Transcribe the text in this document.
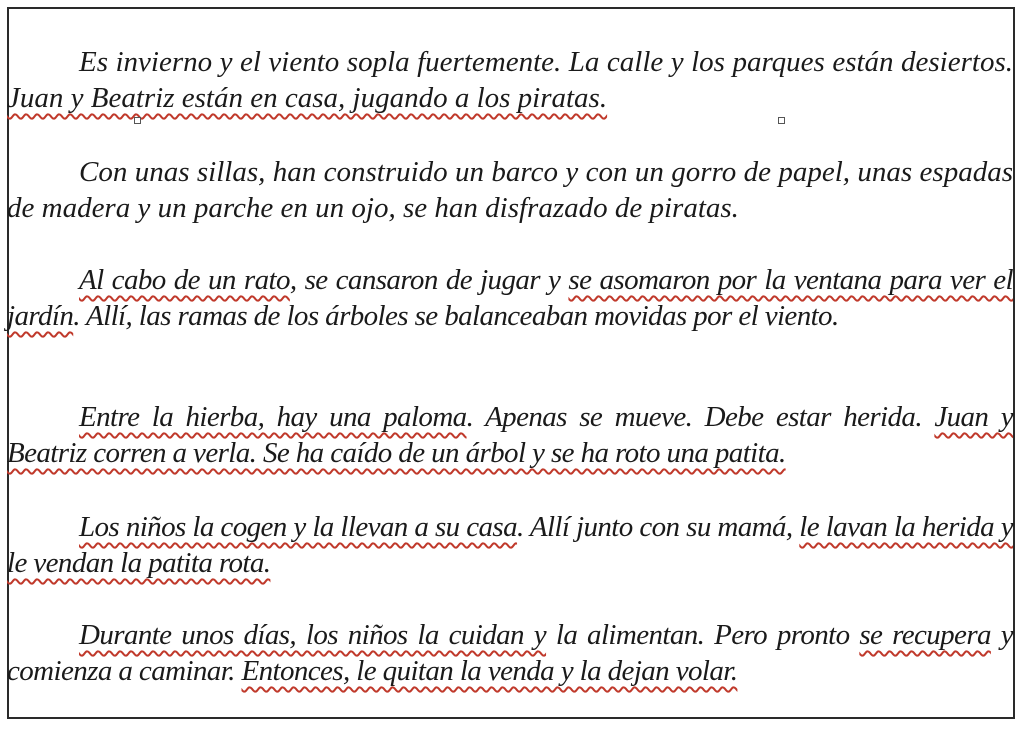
Es invierno y el viento sopla fuertemente. La calle y los parques están desiertos. Juan y Beatriz están en casa, jugando a los piratas.

Con unas sillas, han construido un barco y con un gorro de papel, unas espadas de madera y un parche en un ojo, se han disfrazado de piratas.

Al cabo de un rato, se cansaron de jugar y se asomaron por la ventana para ver el jardín. Allí, las ramas de los árboles se balanceaban movidas por el viento.

Entre la hierba, hay una paloma. Apenas se mueve. Debe estar herida. Juan y Beatriz corren a verla. Se ha caído de un árbol y se ha roto una patita.

Los niños la cogen y la llevan a su casa. Allí junto con su mamá, le lavan la herida y le vendan la patita rota.

Durante unos días, los niños la cuidan y la alimentan. Pero pronto se recupera y comienza a caminar. Entonces, le quitan la venda y la dejan volar.
